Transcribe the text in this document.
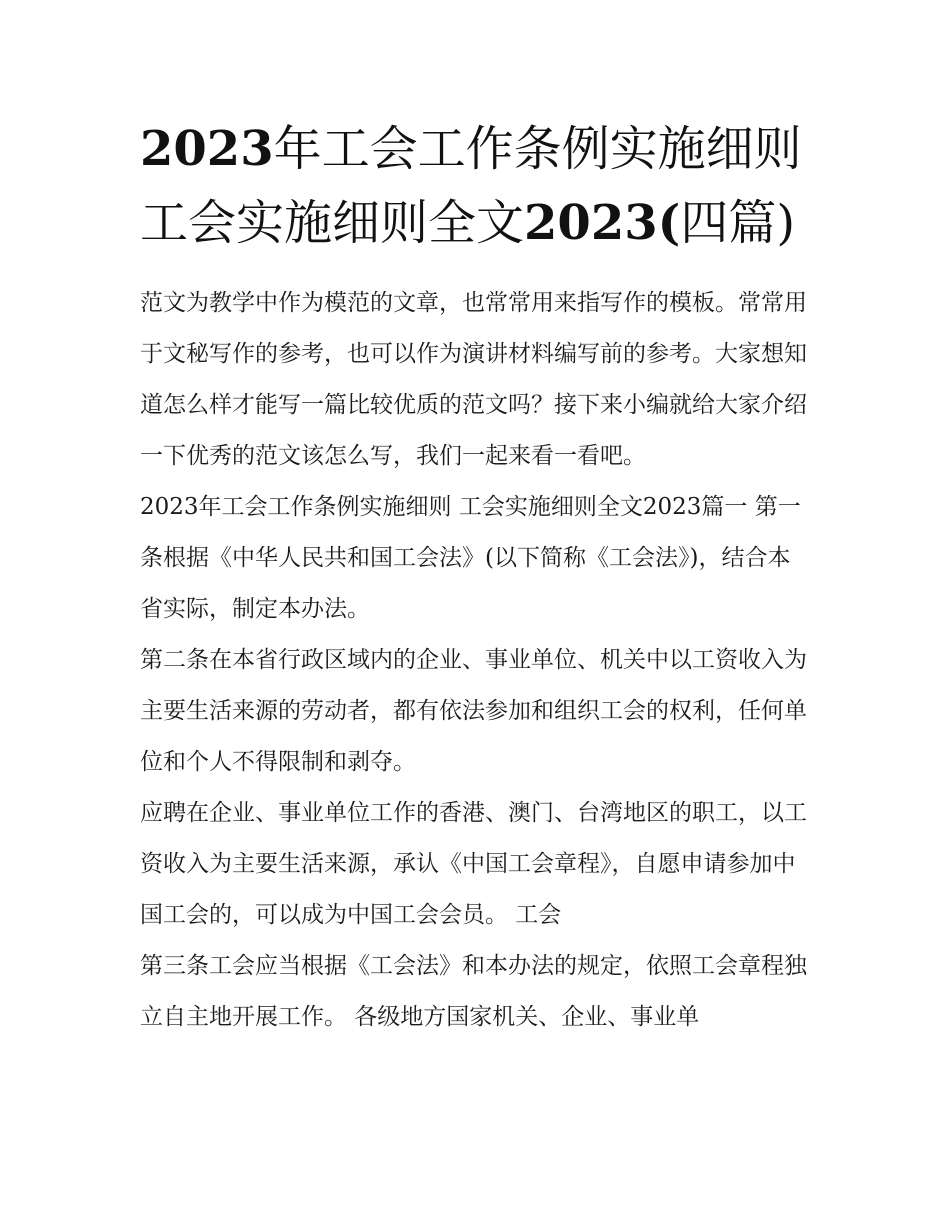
2023年工会工作条例实施细则
工会实施细则全文2023(四篇)

范文为教学中作为模范的文章，也常常用来指写作的模板。常常用于文秘写作的参考，也可以作为演讲材料编写前的参考。大家想知道怎么样才能写一篇比较优质的范文吗？接下来小编就给大家介绍一下优秀的范文该怎么写，我们一起来看一看吧。

2023年工会工作条例实施细则 工会实施细则全文2023篇一 第一条根据《中华人民共和国工会法》(以下简称《工会法》)，结合本省实际，制定本办法。

第二条在本省行政区域内的企业、事业单位、机关中以工资收入为主要生活来源的劳动者，都有依法参加和组织工会的权利，任何单位和个人不得限制和剥夺。

应聘在企业、事业单位工作的香港、澳门、台湾地区的职工，以工资收入为主要生活来源，承认《中国工会章程》，自愿申请参加中国工会的，可以成为中国工会会员。 工会

第三条工会应当根据《工会法》和本办法的规定，依照工会章程独立自主地开展工作。 各级地方国家机关、企业、事业单
